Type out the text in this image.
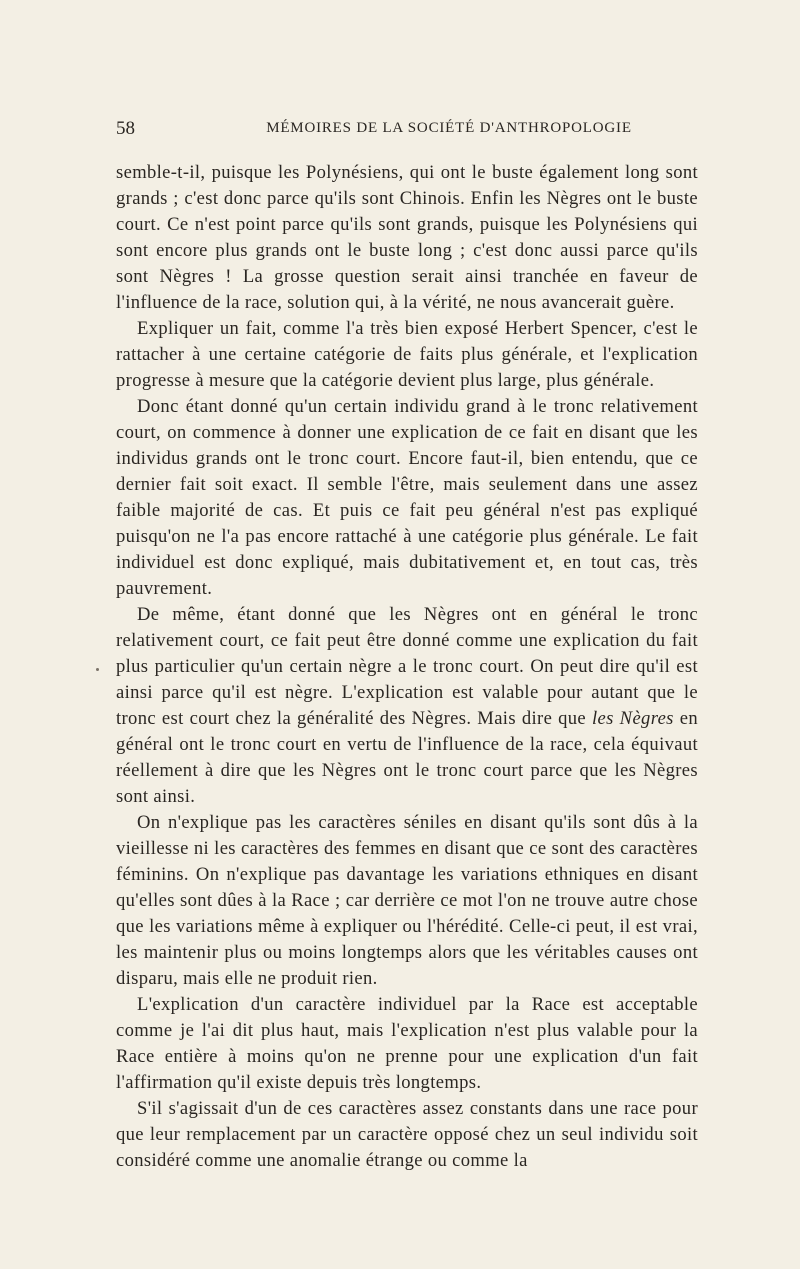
58	MÉMOIRES DE LA SOCIÉTÉ D'ANTHROPOLOGIE

semble-t-il, puisque les Polynésiens, qui ont le buste également long sont grands ; c'est donc parce qu'ils sont Chinois. Enfin les Nègres ont le buste court. Ce n'est point parce qu'ils sont grands, puisque les Polynésiens qui sont encore plus grands ont le buste long ; c'est donc aussi parce qu'ils sont Nègres ! La grosse question serait ainsi tranchée en faveur de l'influence de la race, solution qui, à la vérité, ne nous avancerait guère.

Expliquer un fait, comme l'a très bien exposé Herbert Spencer, c'est le rattacher à une certaine catégorie de faits plus générale, et l'explication progresse à mesure que la catégorie devient plus large, plus générale.

Donc étant donné qu'un certain individu grand à le tronc relativement court, on commence à donner une explication de ce fait en disant que les individus grands ont le tronc court. Encore faut-il, bien entendu, que ce dernier fait soit exact. Il semble l'être, mais seulement dans une assez faible majorité de cas. Et puis ce fait peu général n'est pas expliqué puisqu'on ne l'a pas encore rattaché à une catégorie plus générale. Le fait individuel est donc expliqué, mais dubitativement et, en tout cas, très pauvrement.

De même, étant donné que les Nègres ont en général le tronc relativement court, ce fait peut être donné comme une explication du fait plus particulier qu'un certain nègre a le tronc court. On peut dire qu'il est ainsi parce qu'il est nègre. L'explication est valable pour autant que le tronc est court chez la généralité des Nègres. Mais dire que les Nègres en général ont le tronc court en vertu de l'influence de la race, cela équivaut réellement à dire que les Nègres ont le tronc court parce que les Nègres sont ainsi.

On n'explique pas les caractères séniles en disant qu'ils sont dûs à la vieillesse ni les caractères des femmes en disant que ce sont des caractères féminins. On n'explique pas davantage les variations ethniques en disant qu'elles sont dûes à la Race ; car derrière ce mot l'on ne trouve autre chose que les variations même à expliquer ou l'hérédité. Celle-ci peut, il est vrai, les maintenir plus ou moins longtemps alors que les véritables causes ont disparu, mais elle ne produit rien.

L'explication d'un caractère individuel par la Race est acceptable comme je l'ai dit plus haut, mais l'explication n'est plus valable pour la Race entière à moins qu'on ne prenne pour une explication d'un fait l'affirmation qu'il existe depuis très longtemps.

S'il s'agissait d'un de ces caractères assez constants dans une race pour que leur remplacement par un caractère opposé chez un seul individu soit considéré comme une anomalie étrange ou comme la
